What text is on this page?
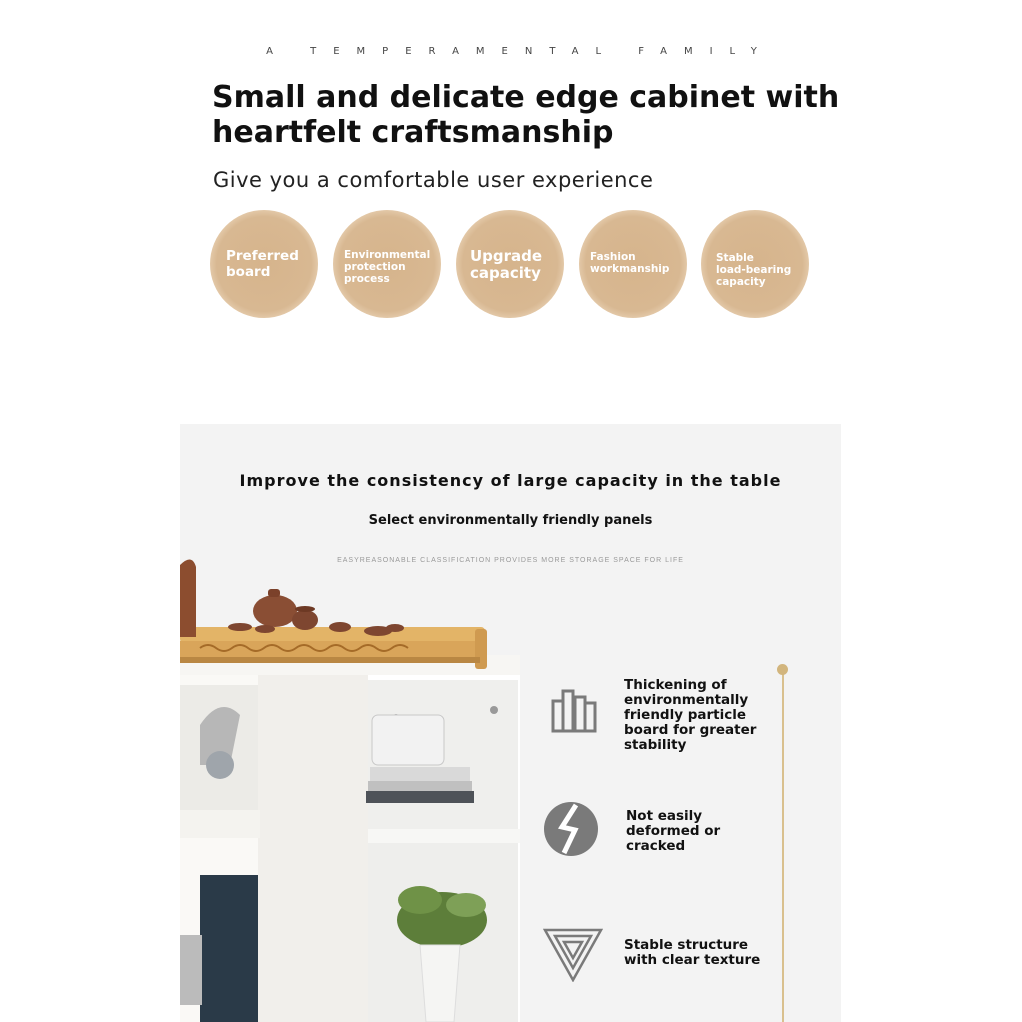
A TEMPERAMENTAL FAMILY
Small and delicate edge cabinet with
heartfelt craftsmanship
Give you a comfortable user experience
Preferred
board
Environmental
protection
process
Upgrade
capacity
Fashion
workmanship
Stable
load-bearing
capacity
Improve the consistency of large capacity in the table
Select environmentally friendly panels
EASYREASONABLE CLASSIFICATION PROVIDES MORE STORAGE SPACE FOR LIFE
Thickening of
environmentally
friendly particle
board for greater
stability
Not easily
deformed or
cracked
Stable structure
with clear texture
